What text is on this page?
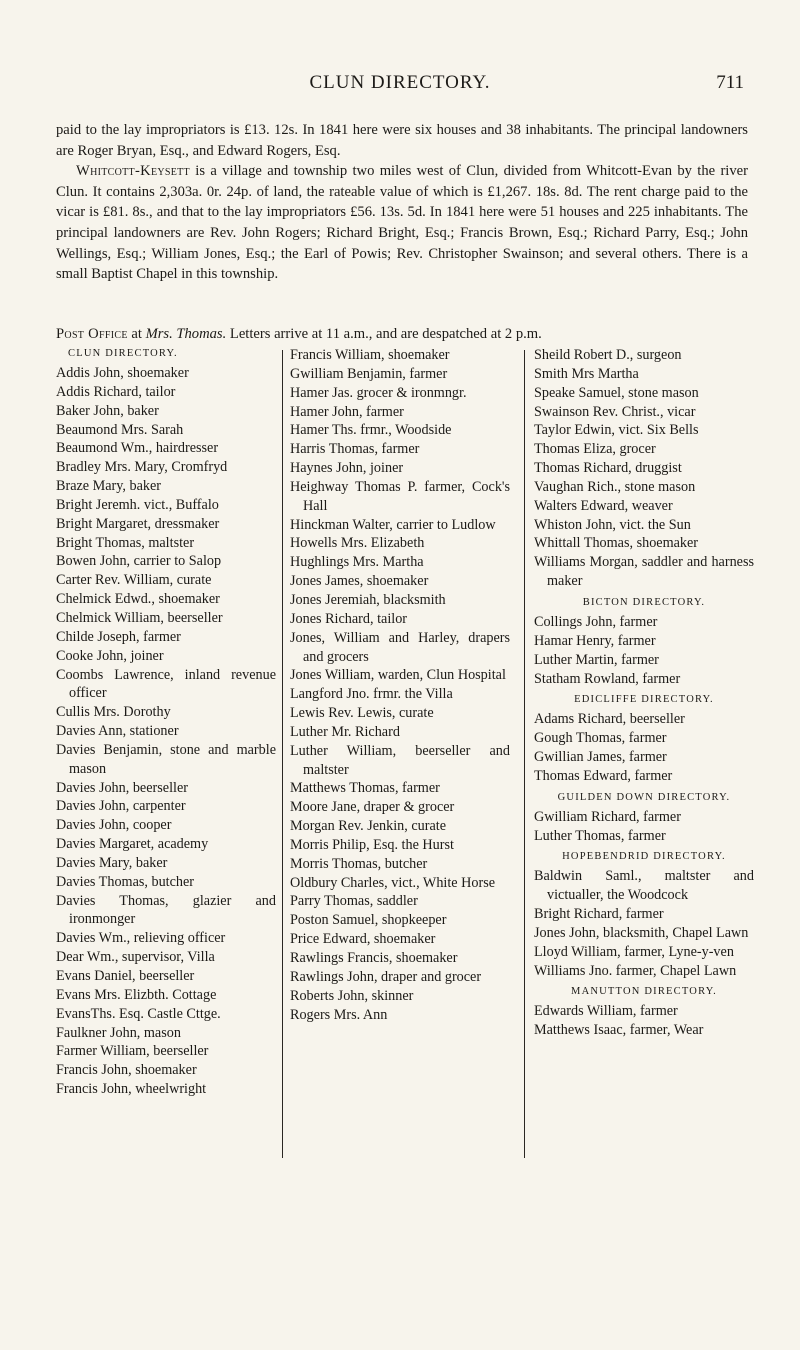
CLUN DIRECTORY.	711

paid to the lay impropriators is £13. 12s. In 1841 here were six houses and 38 inhabitants. The principal landowners are Roger Bryan, Esq., and Edward Rogers, Esq.

Whitcott-Keysett is a village and township two miles west of Clun, divided from Whitcott-Evan by the river Clun. It contains 2,303a. 0r. 24p. of land, the rateable value of which is £1,267. 18s. 8d. The rent charge paid to the vicar is £81. 8s., and that to the lay impropriators £56. 13s. 5d. In 1841 here were 51 houses and 225 inhabitants. The principal landowners are Rev. John Rogers; Richard Bright, Esq.; Francis Brown, Esq.; Richard Parry, Esq.; John Wellings, Esq.; William Jones, Esq.; the Earl of Powis; Rev. Christopher Swainson; and several others. There is a small Baptist Chapel in this township.

Post Office at Mrs. Thomas. Letters arrive at 11 a.m., and are despatched at 2 p.m.
CLUN DIRECTORY.
Addis John, shoemaker
Addis Richard, tailor
Baker John, baker
Beaumond Mrs. Sarah
Beaumond Wm., hairdresser
Bradley Mrs. Mary, Cromfryd
Braze Mary, baker
Bright Jeremh. vict., Buffalo
Bright Margaret, dressmaker
Bright Thomas, maltster
Bowen John, carrier to Salop
Carter Rev. William, curate
Chelmick Edwd., shoemaker
Chelmick William, beerseller
Childe Joseph, farmer
Cooke John, joiner
Coombs Lawrence, inland revenue officer
Cullis Mrs. Dorothy
Davies Ann, stationer
Davies Benjamin, stone and marble mason
Davies John, beerseller
Davies John, carpenter
Davies John, cooper
Davies Margaret, academy
Davies Mary, baker
Davies Thomas, butcher
Davies Thomas, glazier and ironmonger
Davies Wm., relieving officer
Dear Wm., supervisor, Villa
Evans Daniel, beerseller
Evans Mrs. Elizbth. Cottage
EvansThs. Esq. Castle Cttge.
Faulkner John, mason
Farmer William, beerseller
Francis John, shoemaker
Francis John, wheelwright
Francis William, shoemaker
Gwilliam Benjamin, farmer
Hamer Jas. grocer & ironmngr.
Hamer John, farmer
Hamer Ths. frmr., Woodside
Harris Thomas, farmer
Haynes John, joiner
Heighway Thomas P. farmer, Cock's Hall
Hinckman Walter, carrier to Ludlow
Howells Mrs. Elizabeth
Hughlings Mrs. Martha
Jones James, shoemaker
Jones Jeremiah, blacksmith
Jones Richard, tailor
Jones, William and Harley, drapers and grocers
Jones William, warden, Clun Hospital
Langford Jno. frmr. the Villa
Lewis Rev. Lewis, curate
Luther Mr. Richard
Luther William, beerseller and maltster
Matthews Thomas, farmer
Moore Jane, draper & grocer
Morgan Rev. Jenkin, curate
Morris Philip, Esq. the Hurst
Morris Thomas, butcher
Oldbury Charles, vict., White Horse
Parry Thomas, saddler
Poston Samuel, shopkeeper
Price Edward, shoemaker
Rawlings Francis, shoemaker
Rawlings John, draper and grocer
Roberts John, skinner
Rogers Mrs. Ann
Sheild Robert D., surgeon
Smith Mrs Martha
Speake Samuel, stone mason
Swainson Rev. Christ., vicar
Taylor Edwin, vict. Six Bells
Thomas Eliza, grocer
Thomas Richard, druggist
Vaughan Rich., stone mason
Walters Edward, weaver
Whiston John, vict. the Sun
Whittall Thomas, shoemaker
Williams Morgan, saddler and harness maker
BICTON DIRECTORY.
Collings John, farmer
Hamar Henry, farmer
Luther Martin, farmer
Statham Rowland, farmer
EDICLIFFE DIRECTORY.
Adams Richard, beerseller
Gough Thomas, farmer
Gwillian James, farmer
Thomas Edward, farmer
GUILDEN DOWN DIRECTORY.
Gwilliam Richard, farmer
Luther Thomas, farmer
HOPEBENDRID DIRECTORY.
Baldwin Saml., maltster and victualler, the Woodcock
Bright Richard, farmer
Jones John, blacksmith, Chapel Lawn
Lloyd William, farmer, Lyne-y-ven
Williams Jno. farmer, Chapel Lawn
MANUTTON DIRECTORY.
Edwards William, farmer
Matthews Isaac, farmer, Wear
